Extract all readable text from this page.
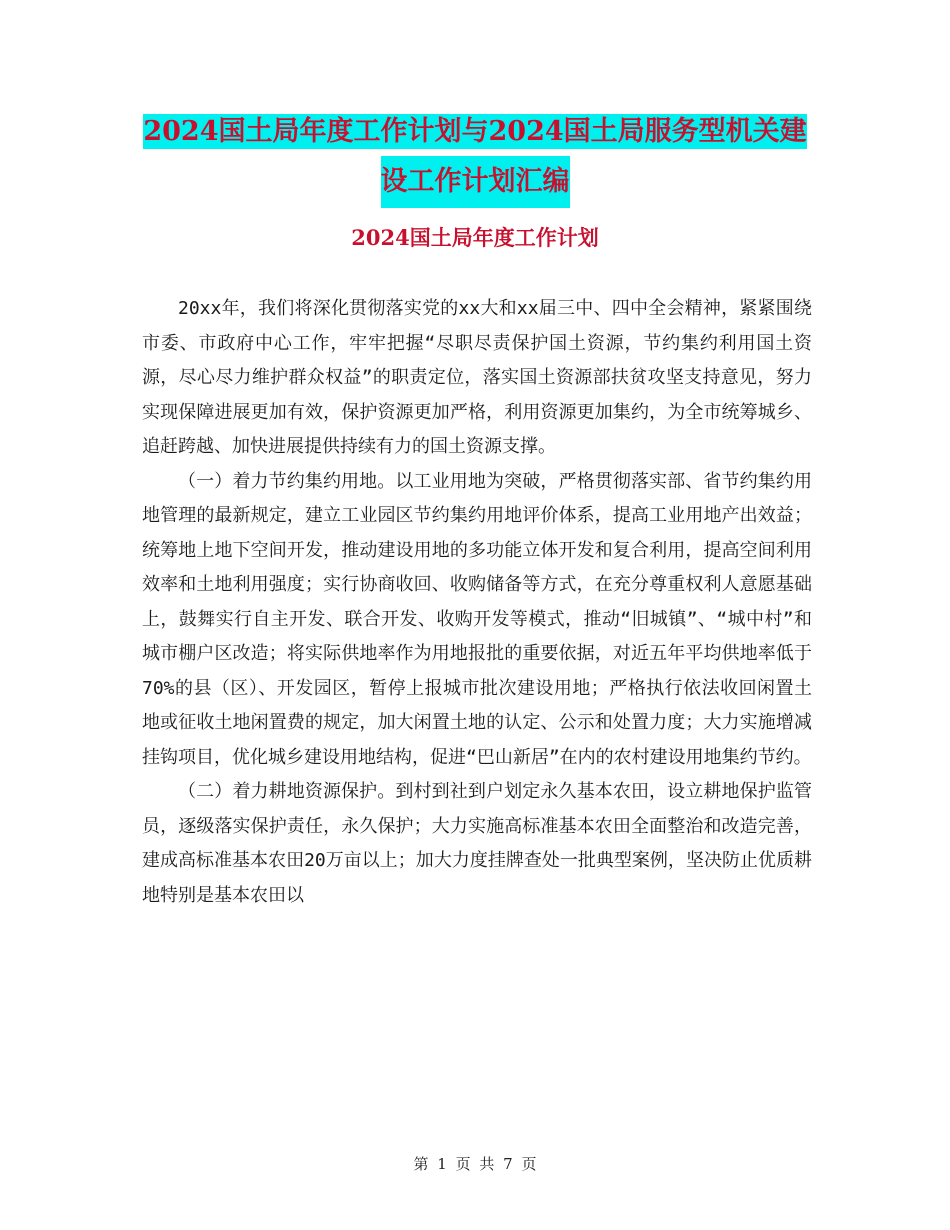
2024国土局年度工作计划与2024国土局服务型机关建
设工作计划汇编
2024国土局年度工作计划

20xx年，我们将深化贯彻落实党的xx大和xx届三中、四中全会精神，紧紧围绕市委、市政府中心工作，牢牢把握“尽职尽责保护国土资源，节约集约利用国土资源，尽心尽力维护群众权益”的职责定位，落实国土资源部扶贫攻坚支持意见，努力实现保障进展更加有效，保护资源更加严格，利用资源更加集约，为全市统筹城乡、追赶跨越、加快进展提供持续有力的国土资源支撑。

（一）着力节约集约用地。以工业用地为突破，严格贯彻落实部、省节约集约用地管理的最新规定，建立工业园区节约集约用地评价体系，提高工业用地产出效益；统筹地上地下空间开发，推动建设用地的多功能立体开发和复合利用，提高空间利用效率和土地利用强度；实行协商收回、收购储备等方式，在充分尊重权利人意愿基础上，鼓舞实行自主开发、联合开发、收购开发等模式，推动“旧城镇”、“城中村”和城市棚户区改造；将实际供地率作为用地报批的重要依据，对近五年平均供地率低于70%的县（区）、开发园区，暂停上报城市批次建设用地；严格执行依法收回闲置土地或征收土地闲置费的规定，加大闲置土地的认定、公示和处置力度；大力实施增减挂钩项目，优化城乡建设用地结构，促进“巴山新居”在内的农村建设用地集约节约。

（二）着力耕地资源保护。到村到社到户划定永久基本农田，设立耕地保护监管员，逐级落实保护责任，永久保护；大力实施高标准基本农田全面整治和改造完善，建成高标准基本农田20万亩以上；加大力度挂牌查处一批典型案例，坚决防止优质耕地特别是基本农田以

第 1 页 共 7 页
